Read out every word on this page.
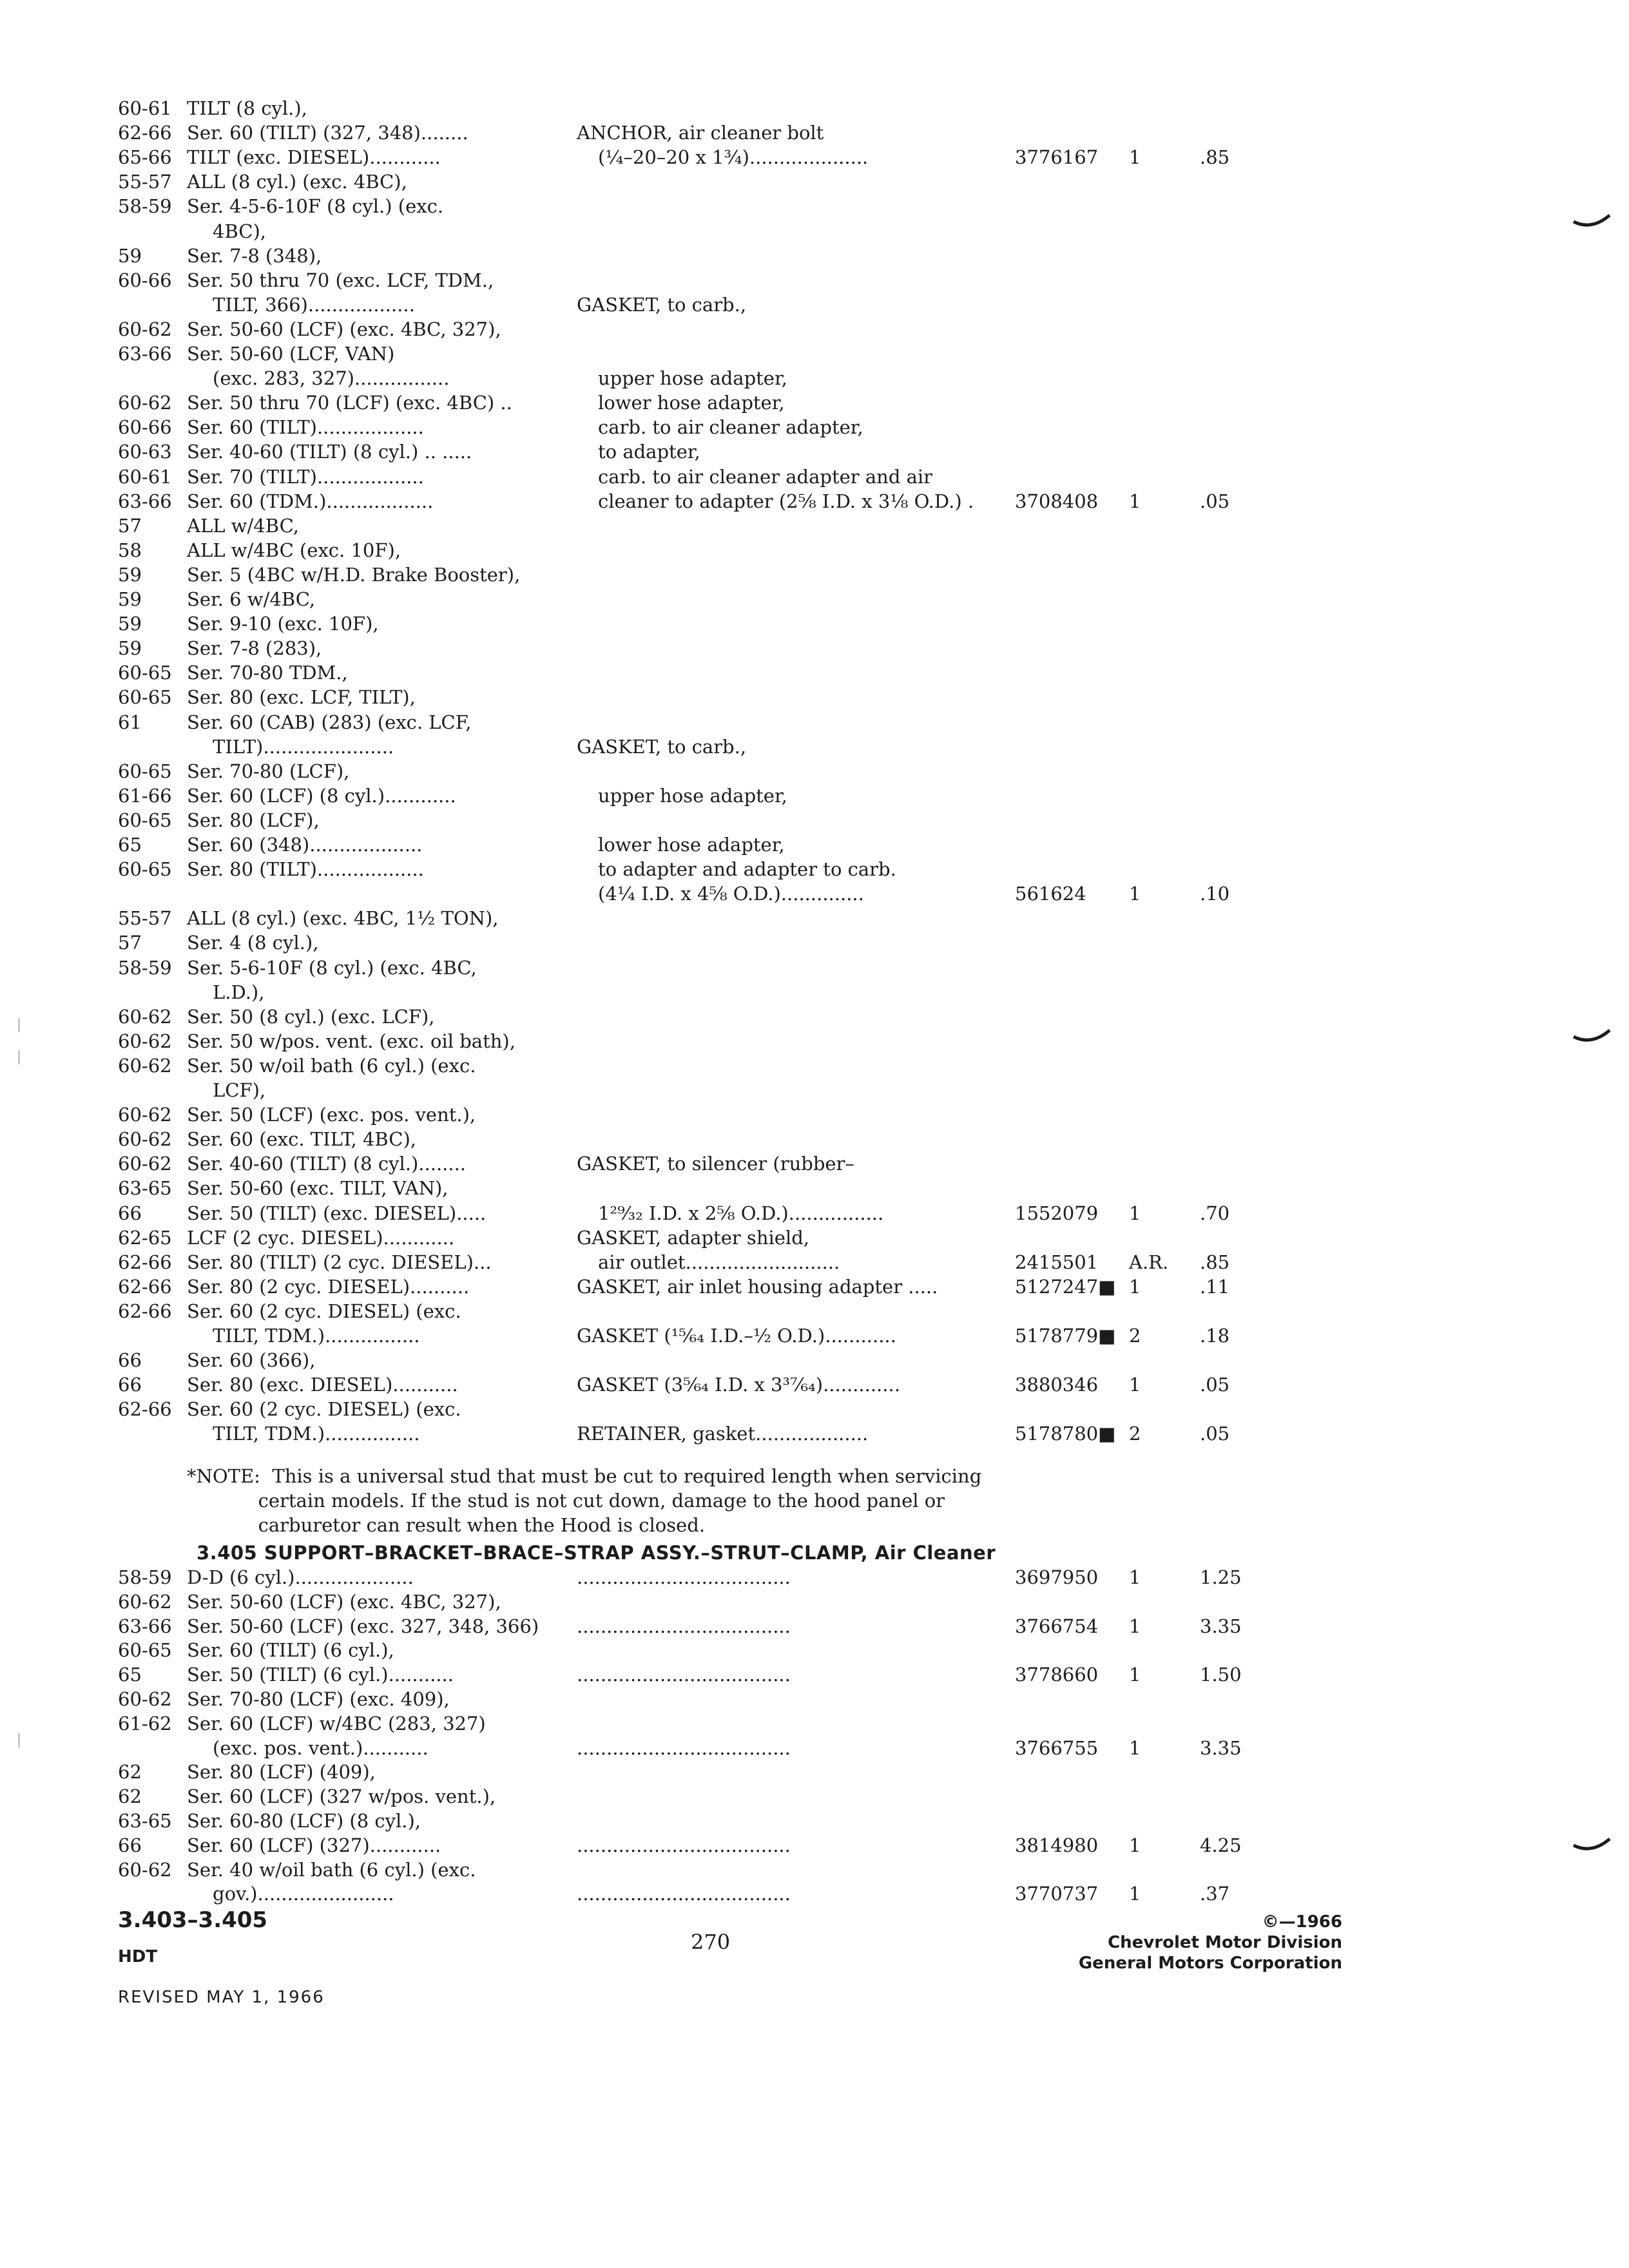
60-61 TILT (8 cyl.),
62-66 Ser. 60 (TILT) (327, 348)........	ANCHOR, air cleaner bolt
65-66 TILT (exc. DIESEL)............	(¼–20–20 x 1¾)....................	3776167 1	.85
55-57 ALL (8 cyl.) (exc. 4BC),
58-59 Ser. 4-5-6-10F (8 cyl.) (exc.
4BC),
59 Ser. 7-8 (348),
60-66 Ser. 50 thru 70 (exc. LCF, TDM.,
TILT, 366)..................	GASKET, to carb.,
60-62 Ser. 50-60 (LCF) (exc. 4BC, 327),
63-66 Ser. 50-60 (LCF, VAN)
(exc. 283, 327)................	upper hose adapter,
60-62 Ser. 50 thru 70 (LCF) (exc. 4BC) ..	lower hose adapter,
60-66 Ser. 60 (TILT)..................	carb. to air cleaner adapter,
60-63 Ser. 40-60 (TILT) (8 cyl.) .. .....	to adapter,
60-61 Ser. 70 (TILT)..................	carb. to air cleaner adapter and air
63-66 Ser. 60 (TDM.)..................	cleaner to adapter (2⅝ I.D. x 3⅛ O.D.) . 3708408 1	.05
57 ALL w/4BC,
58 ALL w/4BC (exc. 10F),
59 Ser. 5 (4BC w/H.D. Brake Booster),
59 Ser. 6 w/4BC,
59 Ser. 9-10 (exc. 10F),
59 Ser. 7-8 (283),
60-65 Ser. 70-80 TDM.,
60-65 Ser. 80 (exc. LCF, TILT),
61 Ser. 60 (CAB) (283) (exc. LCF,
TILT)......................	GASKET, to carb.,
60-65 Ser. 70-80 (LCF),
61-66 Ser. 60 (LCF) (8 cyl.)............	upper hose adapter,
60-65 Ser. 80 (LCF),
65 Ser. 60 (348)...................	lower hose adapter,
60-65 Ser. 80 (TILT)..................	to adapter and adapter to carb.
(4¼ I.D. x 4⅝ O.D.)..............	561624 1	.10
55-57 ALL (8 cyl.) (exc. 4BC, 1½ TON),
57 Ser. 4 (8 cyl.),
58-59 Ser. 5-6-10F (8 cyl.) (exc. 4BC,
L.D.),
60-62 Ser. 50 (8 cyl.) (exc. LCF),
60-62 Ser. 50 w/pos. vent. (exc. oil bath),
60-62 Ser. 50 w/oil bath (6 cyl.) (exc.
LCF),
60-62 Ser. 50 (LCF) (exc. pos. vent.),
60-62 Ser. 60 (exc. TILT, 4BC),
60-62 Ser. 40-60 (TILT) (8 cyl.)........	GASKET, to silencer (rubber–
63-65 Ser. 50-60 (exc. TILT, VAN),
66 Ser. 50 (TILT) (exc. DIESEL).....	1²⁹⁄₃₂ I.D. x 2⅝ O.D.)................	1552079 1	.70
62-65 LCF (2 cyc. DIESEL)............	GASKET, adapter shield,
62-66 Ser. 80 (TILT) (2 cyc. DIESEL)...	air outlet..........................	2415501 A.R. .85
62-66 Ser. 80 (2 cyc. DIESEL)..........	GASKET, air inlet housing adapter .....	5127247■ 1	.11
62-66 Ser. 60 (2 cyc. DIESEL) (exc.
TILT, TDM.)................	GASKET (¹⁵⁄₆₄ I.D.–½ O.D.)............	5178779■ 2	.18
66 Ser. 60 (366),
66 Ser. 80 (exc. DIESEL)...........	GASKET (3⁵⁄₆₄ I.D. x 3³⁷⁄₆₄).............	3880346 1	.05
62-66 Ser. 60 (2 cyc. DIESEL) (exc.
TILT, TDM.)................	RETAINER, gasket...................	5178780■ 2	.05
58-59 D-D (6 cyl.)....................	....................................	3697950 1	1.25
60-62 Ser. 50-60 (LCF) (exc. 4BC, 327),
63-66 Ser. 50-60 (LCF) (exc. 327, 348, 366) ....................................	3766754 1	3.35
60-65 Ser. 60 (TILT) (6 cyl.),
65 Ser. 50 (TILT) (6 cyl.)...........	....................................	3778660 1	1.50
60-62 Ser. 70-80 (LCF) (exc. 409),
61-62 Ser. 60 (LCF) w/4BC (283, 327)
(exc. pos. vent.)...........	....................................	3766755 1	3.35
62 Ser. 80 (LCF) (409),
62 Ser. 60 (LCF) (327 w/pos. vent.),
63-65 Ser. 60-80 (LCF) (8 cyl.),
66 Ser. 60 (LCF) (327)............	....................................	3814980 1	4.25
60-62 Ser. 40 w/oil bath (6 cyl.) (exc.
gov.).......................	....................................	3770737 1	.37
*NOTE:  This is a universal stud that must be cut to required length when servicing
certain models. If the stud is not cut down, damage to the hood panel or
carburetor can result when the Hood is closed.
3.405 SUPPORT–BRACKET–BRACE–STRAP ASSY.–STRUT–CLAMP, Air Cleaner
3.403–3.405
HDT
REVISED MAY 1, 1966
270
©—1966
Chevrolet Motor Division
General Motors Corporation
